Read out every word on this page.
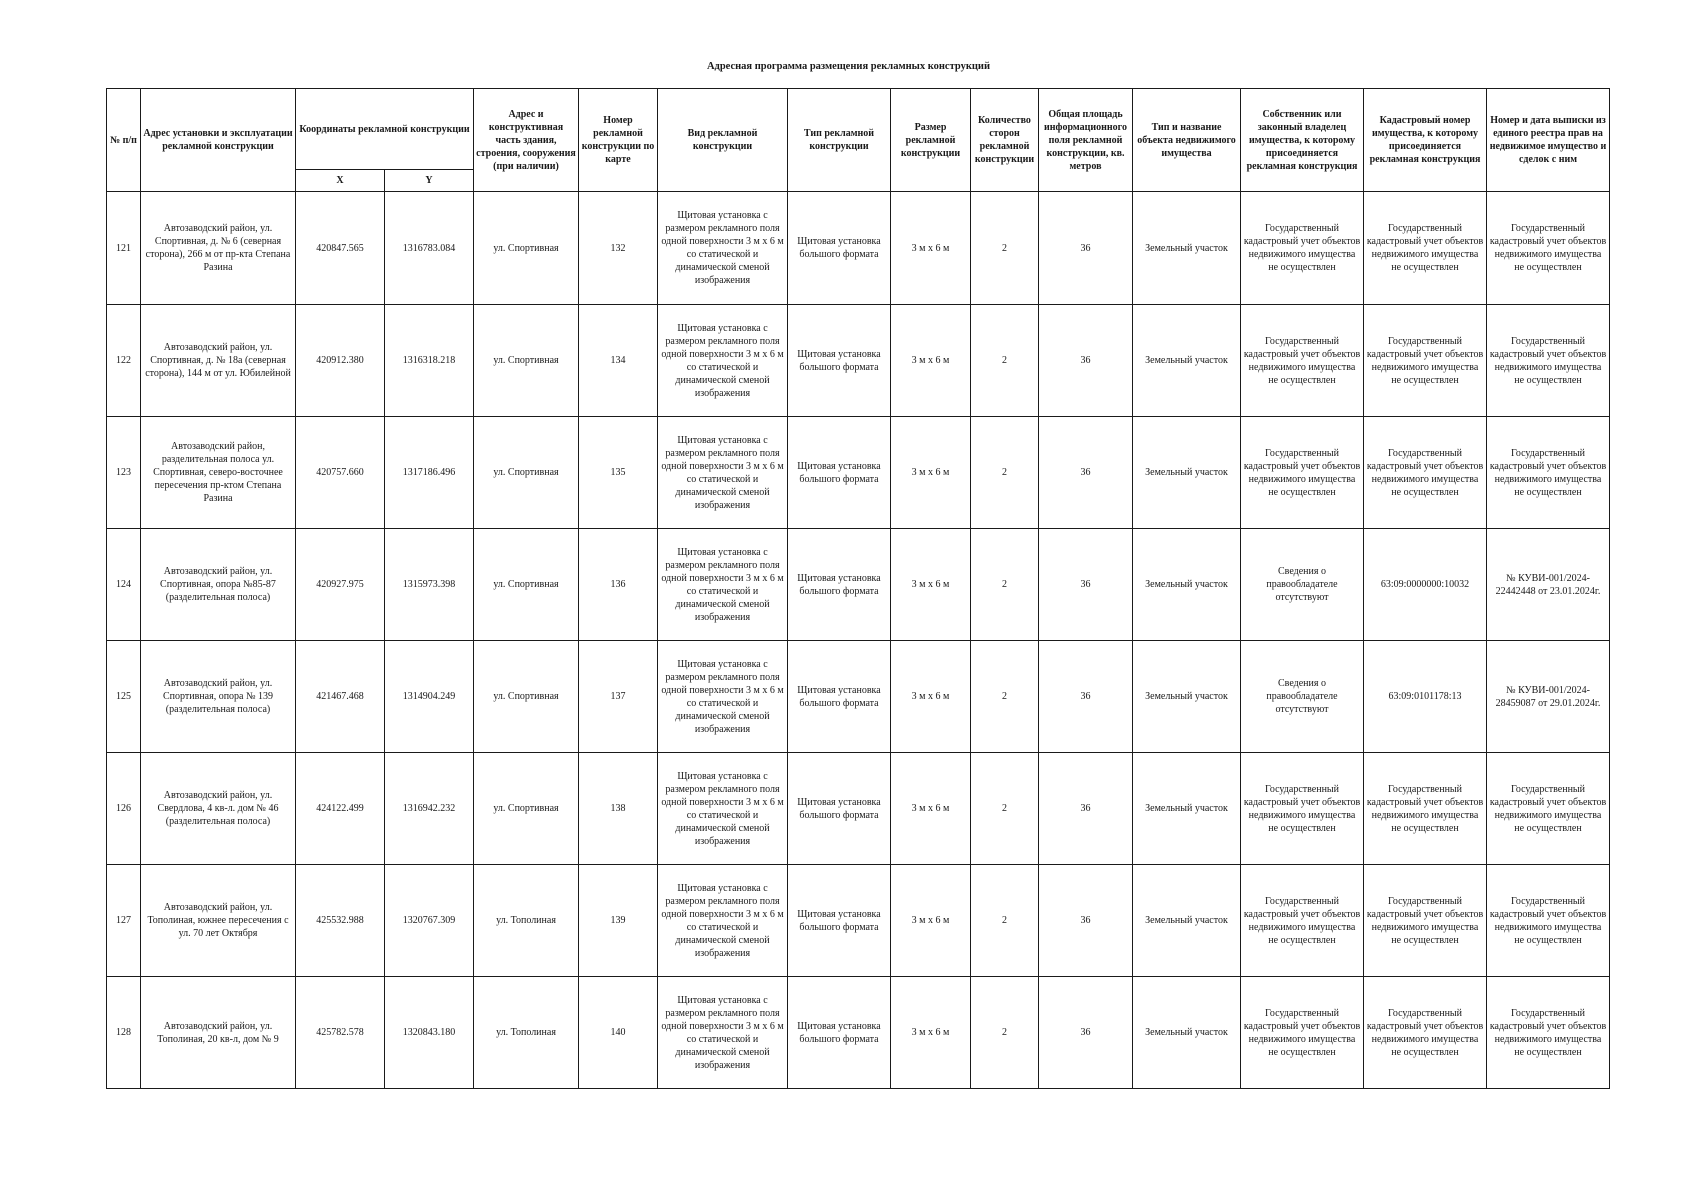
Адресная программа размещения рекламных конструкций
№ п/п	Адрес установки и эксплуатации рекламной конструкции	Координаты рекламной конструкции		Адрес и конструктивная часть здания, строения, сооружения (при наличии)	Номер рекламной конструкции по карте	Вид рекламной конструкции	Тип рекламной конструкции	Размер рекламной конструкции	Количество сторон рекламной конструкции	Общая площадь информационного поля рекламной конструкции, кв. метров	Тип и название объекта недвижимого имущества	Собственник или законный владелец имущества, к которому присоединяется рекламная конструкция	Кадастровый номер имущества, к которому присоединяется рекламная конструкция	Номер и дата выписки из единого реестра прав на недвижимое имущество и сделок с ним
		X	Y											
121	Автозаводский район, ул. Спортивная, д. № 6 (северная сторона), 266 м от пр-кта Степана Разина	420847.565	1316783.084	ул. Спортивная	132	Щитовая установка с размером рекламного поля одной поверхности 3 м х 6 м со статической и динамической сменой изображения	Щитовая установка большого формата	3 м х 6 м	2	36	Земельный участок	Государственный кадастровый учет объектов недвижимого имущества не осуществлен	Государственный кадастровый учет объектов недвижимого имущества не осуществлен	Государственный кадастровый учет объектов недвижимого имущества не осуществлен
122	Автозаводский район, ул. Спортивная, д. № 18а (северная сторона), 144 м от ул. Юбилейной	420912.380	1316318.218	ул. Спортивная	134	Щитовая установка с размером рекламного поля одной поверхности 3 м х 6 м со статической и динамической сменой изображения	Щитовая установка большого формата	3 м х 6 м	2	36	Земельный участок	Государственный кадастровый учет объектов недвижимого имущества не осуществлен	Государственный кадастровый учет объектов недвижимого имущества не осуществлен	Государственный кадастровый учет объектов недвижимого имущества не осуществлен
123	Автозаводский район, разделительная полоса ул. Спортивная, северо-восточнее пересечения пр-ктом Степана Разина	420757.660	1317186.496	ул. Спортивная	135	Щитовая установка с размером рекламного поля одной поверхности 3 м х 6 м со статической и динамической сменой изображения	Щитовая установка большого формата	3 м х 6 м	2	36	Земельный участок	Государственный кадастровый учет объектов недвижимого имущества не осуществлен	Государственный кадастровый учет объектов недвижимого имущества не осуществлен	Государственный кадастровый учет объектов недвижимого имущества не осуществлен
124	Автозаводский район, ул. Спортивная, опора №85-87 (разделительная полоса)	420927.975	1315973.398	ул. Спортивная	136	Щитовая установка с размером рекламного поля одной поверхности 3 м х 6 м со статической и динамической сменой изображения	Щитовая установка большого формата	3 м х 6 м	2	36	Земельный участок	Сведения о правообладателе отсутствуют	63:09:0000000:10032	№ КУВИ-001/2024-22442448 от 23.01.2024г.
125	Автозаводский район, ул. Спортивная, опора № 139 (разделительная полоса)	421467.468	1314904.249	ул. Спортивная	137	Щитовая установка с размером рекламного поля одной поверхности 3 м х 6 м со статической и динамической сменой изображения	Щитовая установка большого формата	3 м х 6 м	2	36	Земельный участок	Сведения о правообладателе отсутствуют	63:09:0101178:13	№ КУВИ-001/2024-28459087 от 29.01.2024г.
126	Автозаводский район, ул. Свердлова, 4 кв-л. дом № 46 (разделительная полоса)	424122.499	1316942.232	ул. Спортивная	138	Щитовая установка с размером рекламного поля одной поверхности 3 м х 6 м со статической и динамической сменой изображения	Щитовая установка большого формата	3 м х 6 м	2	36	Земельный участок	Государственный кадастровый учет объектов недвижимого имущества не осуществлен	Государственный кадастровый учет объектов недвижимого имущества не осуществлен	Государственный кадастровый учет объектов недвижимого имущества не осуществлен
127	Автозаводский район, ул. Тополиная, южнее пересечения с ул. 70 лет Октября	425532.988	1320767.309	ул. Тополиная	139	Щитовая установка с размером рекламного поля одной поверхности 3 м х 6 м со статической и динамической сменой изображения	Щитовая установка большого формата	3 м х 6 м	2	36	Земельный участок	Государственный кадастровый учет объектов недвижимого имущества не осуществлен	Государственный кадастровый учет объектов недвижимого имущества не осуществлен	Государственный кадастровый учет объектов недвижимого имущества не осуществлен
128	Автозаводский район, ул. Тополиная, 20 кв-л, дом № 9	425782.578	1320843.180	ул. Тополиная	140	Щитовая установка с размером рекламного поля одной поверхности 3 м х 6 м со статической и динамической сменой изображения	Щитовая установка большого формата	3 м х 6 м	2	36	Земельный участок	Государственный кадастровый учет объектов недвижимого имущества не осуществлен	Государственный кадастровый учет объектов недвижимого имущества не осуществлен	Государственный кадастровый учет объектов недвижимого имущества не осуществлен
